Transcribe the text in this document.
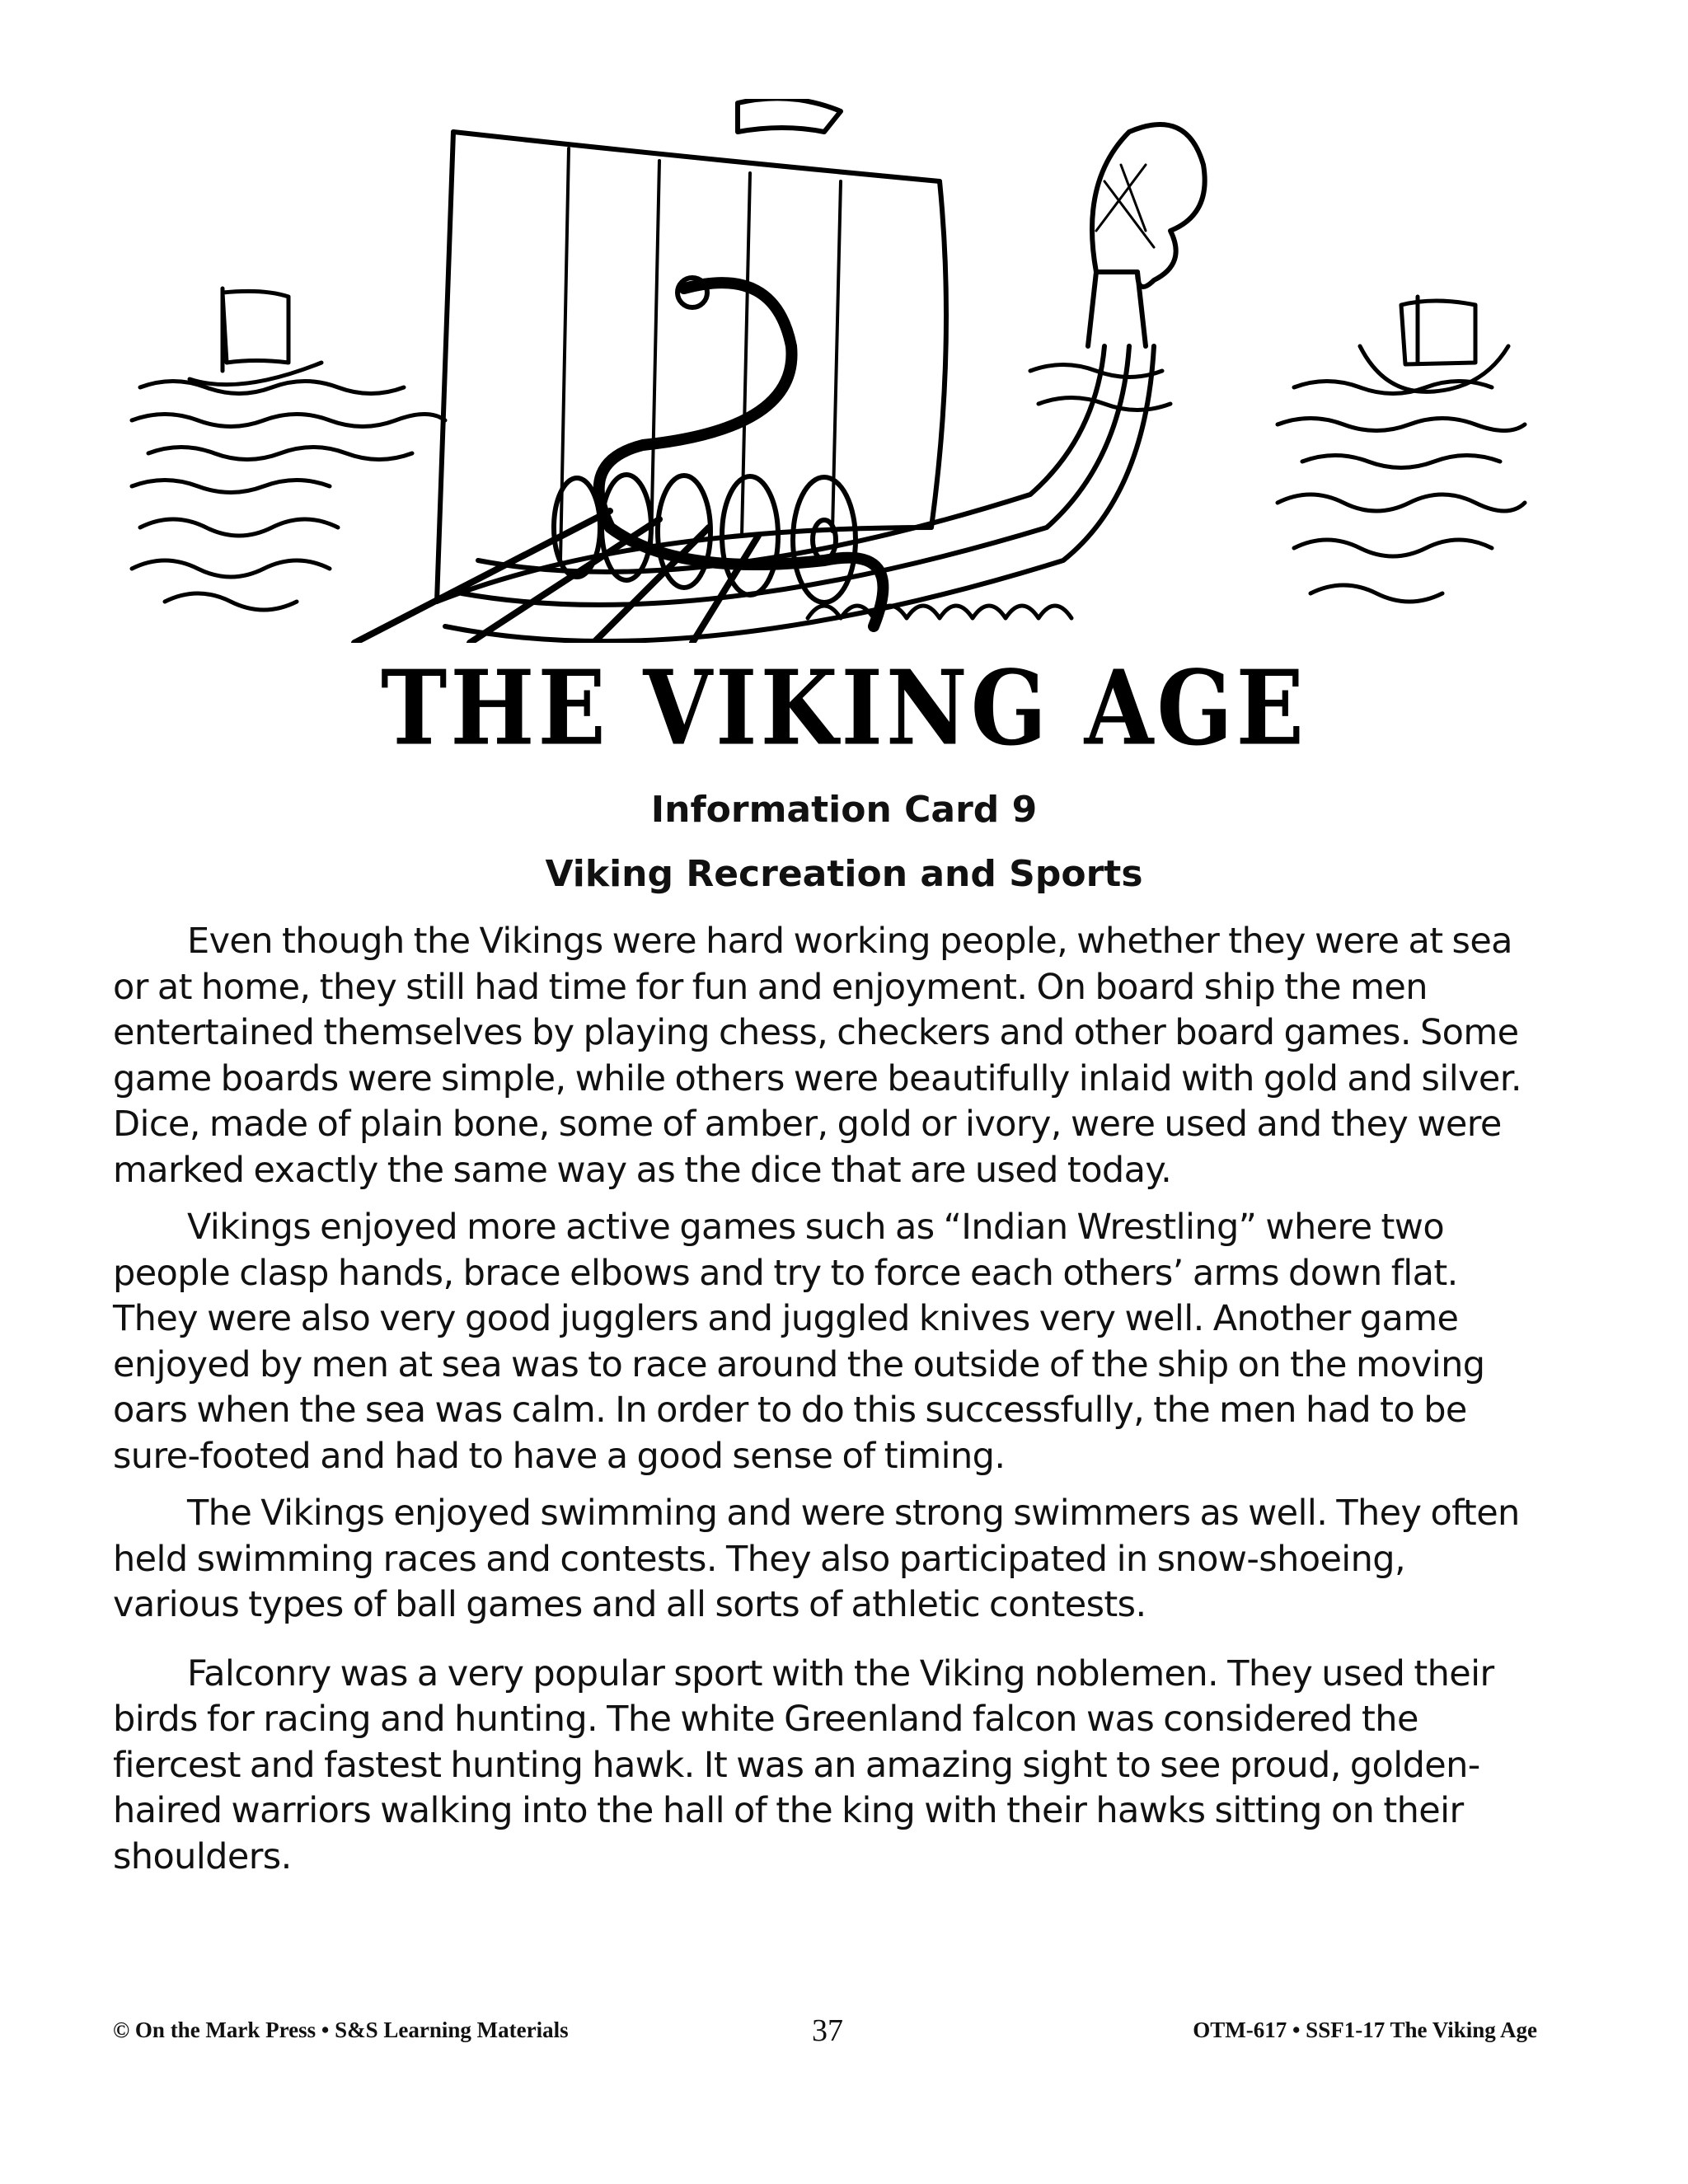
THE VIKING AGE
Information Card 9
Viking Recreation and Sports

Even though the Vikings were hard working people, whether they were at sea or at home, they still had time for fun and enjoyment. On board ship the men entertained themselves by playing chess, checkers and other board games. Some game boards were simple, while others were beautifully inlaid with gold and silver. Dice, made of plain bone, some of amber, gold or ivory, were used and they were marked exactly the same way as the dice that are used today.

Vikings enjoyed more active games such as “Indian Wrestling” where two people clasp hands, brace elbows and try to force each others’ arms down flat. They were also very good jugglers and juggled knives very well. Another game enjoyed by men at sea was to race around the outside of the ship on the moving oars when the sea was calm. In order to do this successfully, the men had to be sure-footed and had to have a good sense of timing.

The Vikings enjoyed swimming and were strong swimmers as well. They often held swimming races and contests. They also participated in snow-shoeing, various types of ball games and all sorts of athletic contests.

Falconry was a very popular sport with the Viking noblemen. They used their birds for racing and hunting. The white Greenland falcon was considered the fiercest and fastest hunting hawk. It was an amazing sight to see proud, golden-haired warriors walking into the hall of the king with their hawks sitting on their shoulders.

© On the Mark Press • S&S Learning Materials	37	OTM-617 • SSF1-17 The Viking Age
